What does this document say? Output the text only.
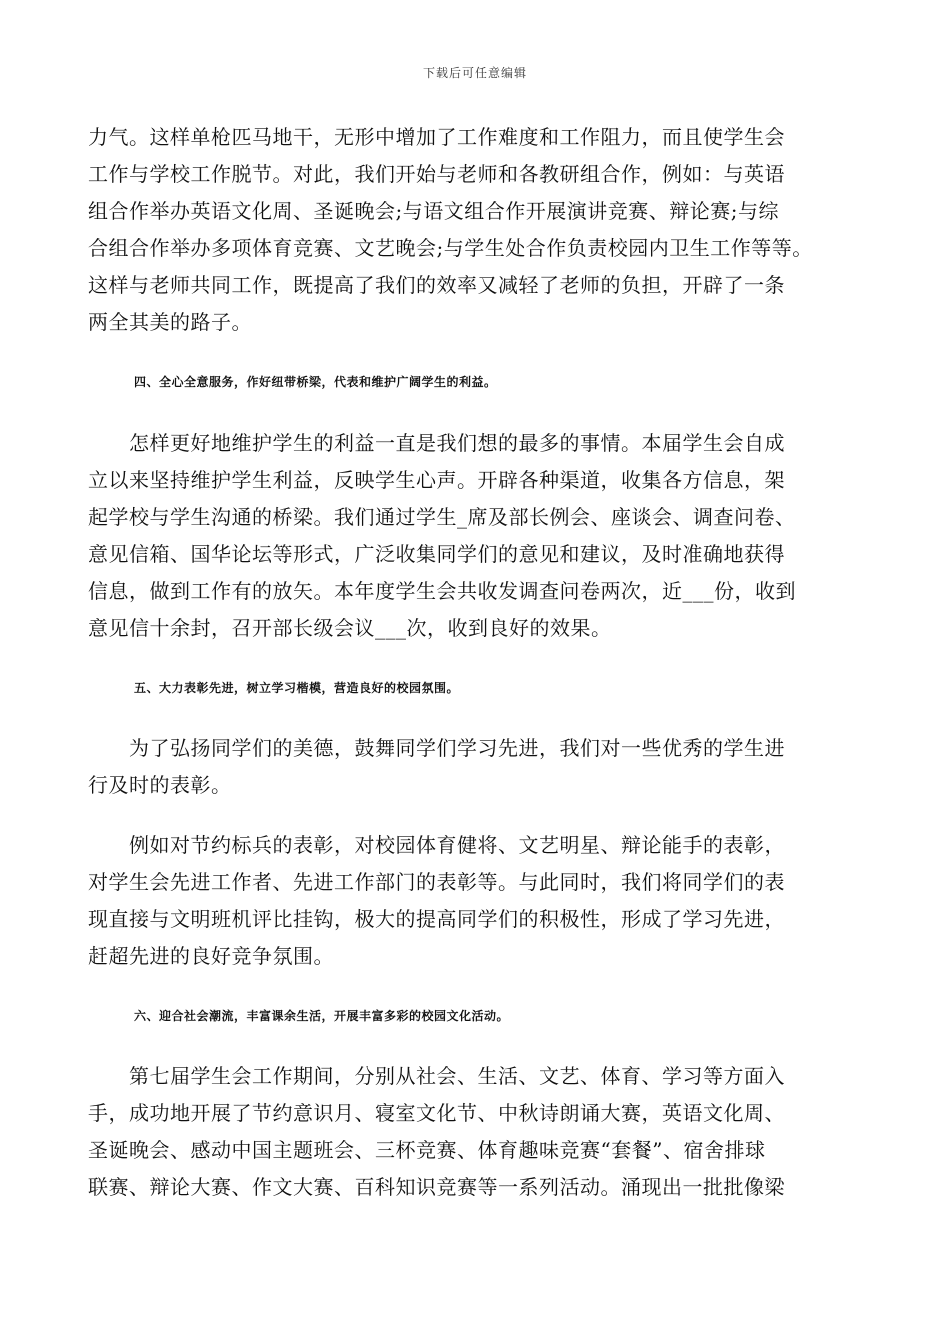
下载后可任意编辑
力气。这样单枪匹马地干，无形中增加了工作难度和工作阻力，而且使学生会
工作与学校工作脱节。对此，我们开始与老师和各教研组合作，例如：与英语
组合作举办英语文化周、圣诞晚会;与语文组合作开展演讲竞赛、辩论赛;与综
合组合作举办多项体育竞赛、文艺晚会;与学生处合作负责校园内卫生工作等等。
这样与老师共同工作，既提高了我们的效率又减轻了老师的负担，开辟了一条
两全其美的路子。
四、全心全意服务，作好纽带桥梁，代表和维护广阔学生的利益。
　　怎样更好地维护学生的利益一直是我们想的最多的事情。本届学生会自成
立以来坚持维护学生利益，反映学生心声。开辟各种渠道，收集各方信息，架
起学校与学生沟通的桥梁。我们通过学生_席及部长例会、座谈会、调查问卷、
意见信箱、国华论坛等形式，广泛收集同学们的意见和建议，及时准确地获得
信息，做到工作有的放矢。本年度学生会共收发调查问卷两次，近___份，收到
意见信十余封，召开部长级会议___次，收到良好的效果。
五、大力表彰先进，树立学习楷模，营造良好的校园氛围。
　　为了弘扬同学们的美德，鼓舞同学们学习先进，我们对一些优秀的学生进
行及时的表彰。
　　例如对节约标兵的表彰，对校园体育健将、文艺明星、辩论能手的表彰，
对学生会先进工作者、先进工作部门的表彰等。与此同时，我们将同学们的表
现直接与文明班机评比挂钩，极大的提高同学们的积极性，形成了学习先进，
赶超先进的良好竞争氛围。
六、迎合社会潮流，丰富课余生活，开展丰富多彩的校园文化活动。
　　第七届学生会工作期间，分别从社会、生活、文艺、体育、学习等方面入
手，成功地开展了节约意识月、寝室文化节、中秋诗朗诵大赛，英语文化周、
圣诞晚会、感动中国主题班会、三杯竞赛、体育趣味竞赛“套餐”、宿舍排球
联赛、辩论大赛、作文大赛、百科知识竞赛等一系列活动。涌现出一批批像梁
